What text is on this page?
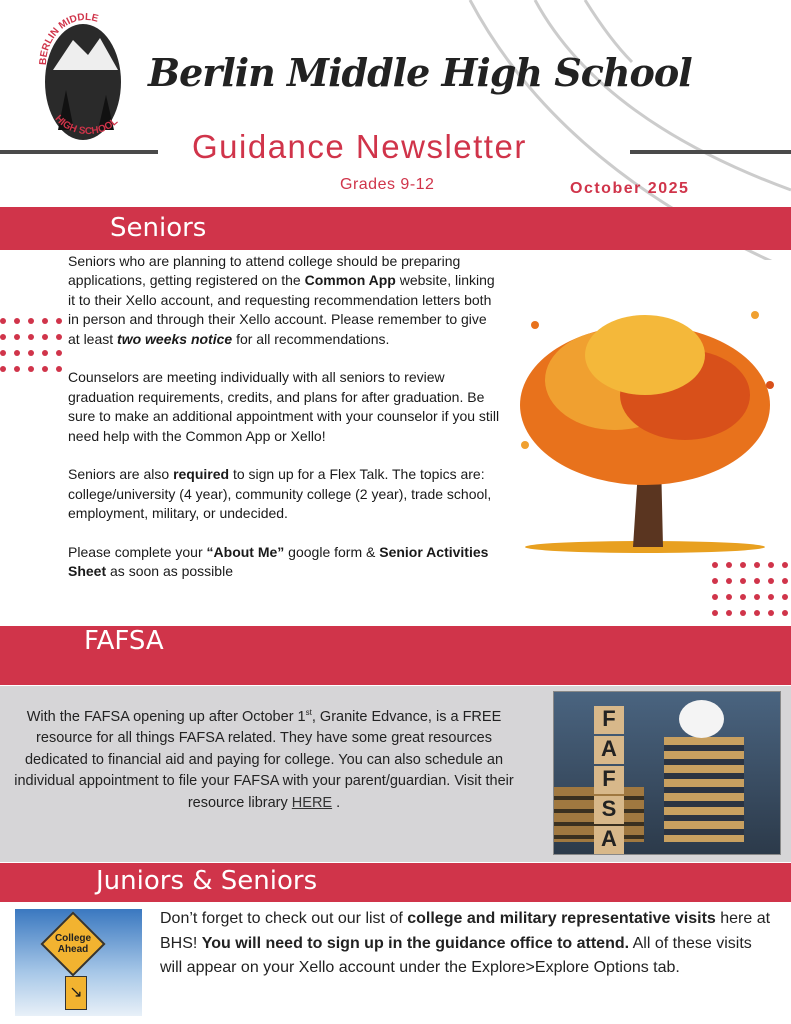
BERLIN MIDDLE
HIGH SCHOOL
Berlin Middle High School
Guidance Newsletter
Grades 9-12	October 2025
Seniors

Seniors who are planning to attend college should be preparing applications, getting registered on the Common App website, linking it to their Xello account, and requesting recommendation letters both in person and through their Xello account. Please remember to give at least two weeks notice for all recommendations.

Counselors are meeting individually with all seniors to review graduation requirements, credits, and plans for after graduation. Be sure to make an additional appointment with your counselor if you still need help with the Common App or Xello!

Seniors are also required to sign up for a Flex Talk. The topics are: college/university (4 year), community college (2 year), trade school, employment, military, or undecided.

Please complete your “About Me” google form & Senior Activities Sheet as soon as possible

FAFSA
With the FAFSA opening up after October 1st, Granite Edvance, is a FREE resource for all things FAFSA related. They have some great resources dedicated to financial aid and paying for college. You can also schedule an individual appointment to file your FAFSA with your parent/guardian. Visit their resource library HERE .
F
A
F
S
A
Juniors & Seniors
College
Ahead
↘
Don’t forget to check out our list of college and military representative visits here at BHS! You will need to sign up in the guidance office to attend. All of these visits will appear on your Xello account under the Explore>Explore Options tab.
